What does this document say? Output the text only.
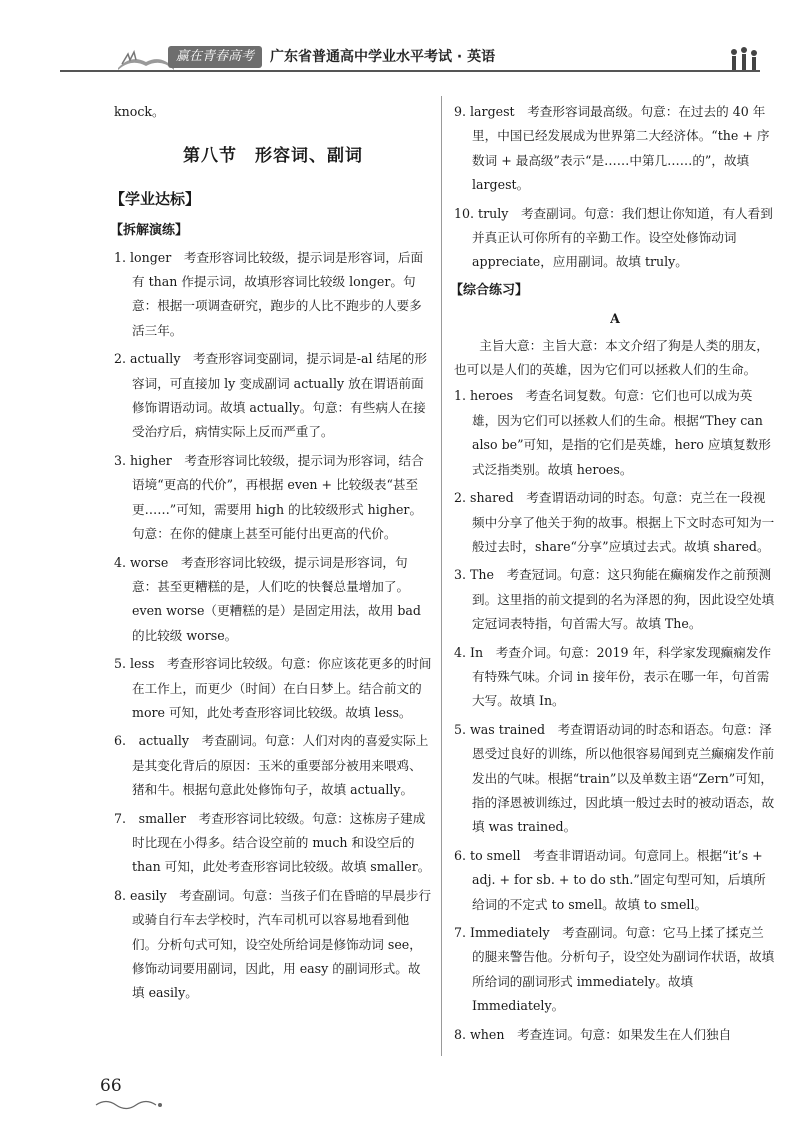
赢在青春高考	广东省普通高中学业水平考试 · 英语

knock。

第八节　形容词、副词
【学业达标】
【拆解演练】

1. longer　考查形容词比较级，提示词是形容词，后面有 than 作提示词，故填形容词比较级 longer。句意：根据一项调查研究，跑步的人比不跑步的人要多活三年。

2. actually　考查形容词变副词，提示词是-al 结尾的形容词，可直接加 ly 变成副词 actually 放在谓语前面修饰谓语动词。故填 actually。句意：有些病人在接受治疗后，病情实际上反而严重了。

3. higher　考查形容词比较级，提示词为形容词，结合语境“更高的代价”，再根据 even + 比较级表“甚至更……”可知，需要用 high 的比较级形式 higher。句意：在你的健康上甚至可能付出更高的代价。

4. worse　考查形容词比较级，提示词是形容词，句意：甚至更糟糕的是，人们吃的快餐总量增加了。even worse（更糟糕的是）是固定用法，故用 bad 的比较级 worse。

5. less　考查形容词比较级。句意：你应该花更多的时间在工作上，而更少（时间）在白日梦上。结合前文的 more 可知，此处考查形容词比较级。故填 less。

6.　actually　考查副词。句意：人们对肉的喜爱实际上是其变化背后的原因：玉米的重要部分被用来喂鸡、猪和牛。根据句意此处修饰句子，故填 actually。

7.　smaller　考查形容词比较级。句意：这栋房子建成时比现在小得多。结合设空前的 much 和设空后的 than 可知，此处考查形容词比较级。故填 smaller。

8. easily　考查副词。句意：当孩子们在昏暗的早晨步行或骑自行车去学校时，汽车司机可以容易地看到他们。分析句式可知，设空处所给词是修饰动词 see，修饰动词要用副词，因此，用 easy 的副词形式。故填 easily。

9. largest　考查形容词最高级。句意：在过去的 40 年里，中国已经发展成为世界第二大经济体。“the + 序数词 + 最高级”表示“是……中第几……的”，故填 largest。

10. truly　考查副词。句意：我们想让你知道，有人看到并真正认可你所有的辛勤工作。设空处修饰动词 appreciate，应用副词。故填 truly。

【综合练习】
A

主旨大意：主旨大意：本文介绍了狗是人类的朋友，也可以是人们的英雄，因为它们可以拯救人们的生命。

1. heroes　考查名词复数。句意：它们也可以成为英雄，因为它们可以拯救人们的生命。根据“They can also be”可知，是指的它们是英雄，hero 应填复数形式泛指类别。故填 heroes。

2. shared　考查谓语动词的时态。句意：克兰在一段视频中分享了他关于狗的故事。根据上下文时态可知为一般过去时，share“分享”应填过去式。故填 shared。

3. The　考查冠词。句意：这只狗能在癫痫发作之前预测到。这里指的前文提到的名为泽恩的狗，因此设空处填定冠词表特指，句首需大写。故填 The。

4. In　考查介词。句意：2019 年，科学家发现癫痫发作有特殊气味。介词 in 接年份，表示在哪一年，句首需大写。故填 In。

5. was trained　考查谓语动词的时态和语态。句意：泽恩受过良好的训练，所以他很容易闻到克兰癫痫发作前发出的气味。根据“train”以及单数主语“Zern”可知，指的泽恩被训练过，因此填一般过去时的被动语态，故填 was trained。

6. to smell　考查非谓语动词。句意同上。根据“it’s + adj. + for sb. + to do sth.”固定句型可知，后填所给词的不定式 to smell。故填 to smell。

7. Immediately　考查副词。句意：它马上揉了揉克兰的腿来警告他。分析句子，设空处为副词作状语，故填所给词的副词形式 immediately。故填 Immediately。

8. when　考查连词。句意：如果发生在人们独自

66
